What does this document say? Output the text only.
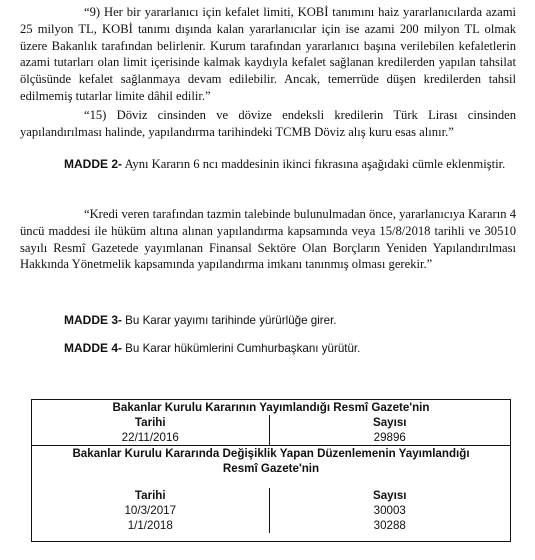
“9) Her bir yararlanıcı için kefalet limiti, KOBİ tanımını haiz yararlanıcılarda azami 25 milyon TL, KOBİ tanımı dışında kalan yararlanıcılar için ise azami 200 milyon TL olmak üzere Bakanlık tarafından belirlenir. Kurum tarafından yararlanıcı başına verilebilen kefaletlerin azami tutarları olan limit içerisinde kalmak kaydıyla kefalet sağlanan kredilerden yapılan tahsilat ölçüsünde kefalet sağlanmaya devam edilebilir. Ancak, temerrüde düşen kredilerden tahsil edilmemiş tutarlar limite dâhil edilir.”

“15) Döviz cinsinden ve dövize endeksli kredilerin Türk Lirası cinsinden yapılandırılması halinde, yapılandırma tarihindeki TCMB Döviz alış kuru esas alınır.”

MADDE 2- Aynı Kararın 6 ncı maddesinin ikinci fıkrasına aşağıdaki cümle eklenmiştir.

“Kredi veren tarafından tazmin talebinde bulunulmadan önce, yararlanıcıya Kararın 4 üncü maddesi ile hüküm altına alınan yapılandırma kapsamında veya 15/8/2018 tarihli ve 30510 sayılı Resmî Gazetede yayımlanan Finansal Sektöre Olan Borçların Yeniden Yapılandırılması Hakkında Yönetmelik kapsamında yapılandırma imkanı tanınmış olması gerekir.”

MADDE 3- Bu Karar yayımı tarihinde yürürlüğe girer.

MADDE 4- Bu Karar hükümlerini Cumhurbaşkanı yürütür.

Bakanlar Kurulu Kararının Yayımlandığı Resmî Gazete'nin	
Tarihi	Sayısı
22/11/2016	29896
Bakanlar Kurulu Kararında Değişiklik Yapan Düzenlemenin Yayımlandığı	
Resmî Gazete'nin	

Tarihi	Sayısı
10/3/2017	30003
1/1/2018	30288
